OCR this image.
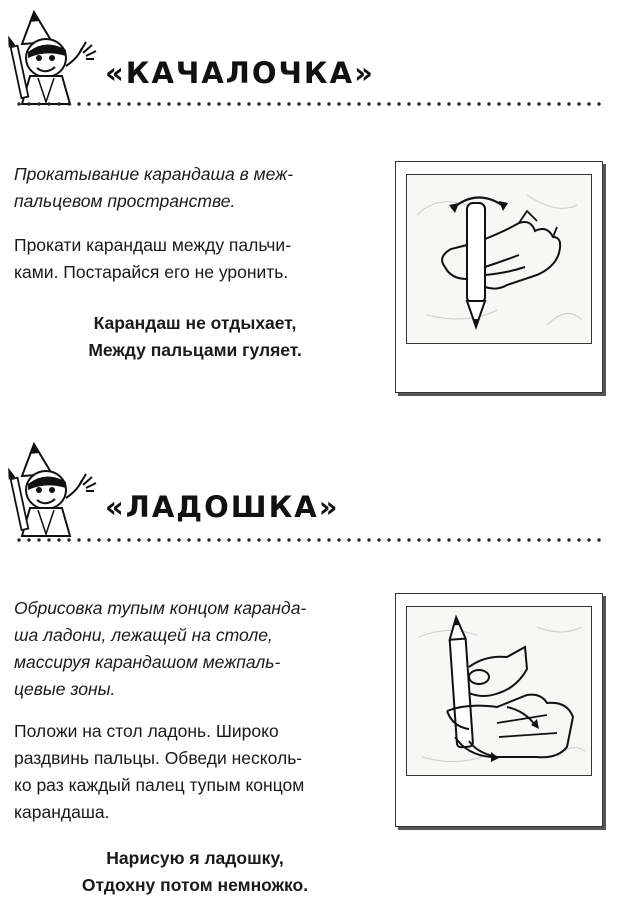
«КАЧАЛОЧКА»
Прокатывание карандаша в меж-
пальцевом пространстве.
Прокати карандаш между пальчи-
ками. Постарайся его не уронить.
Карандаш не отдыхает,
Между пальцами гуляет.
«ЛАДОШКА»
Обрисовка тупым концом каранда-
ша ладони, лежащей на столе,
массируя карандашом межпаль-
цевые зоны.
Положи на стол ладонь. Широко
раздвинь пальцы. Обведи несколь-
ко раз каждый палец тупым концом
карандаша.
Нарисую я ладошку,
Отдохну потом немножко.
